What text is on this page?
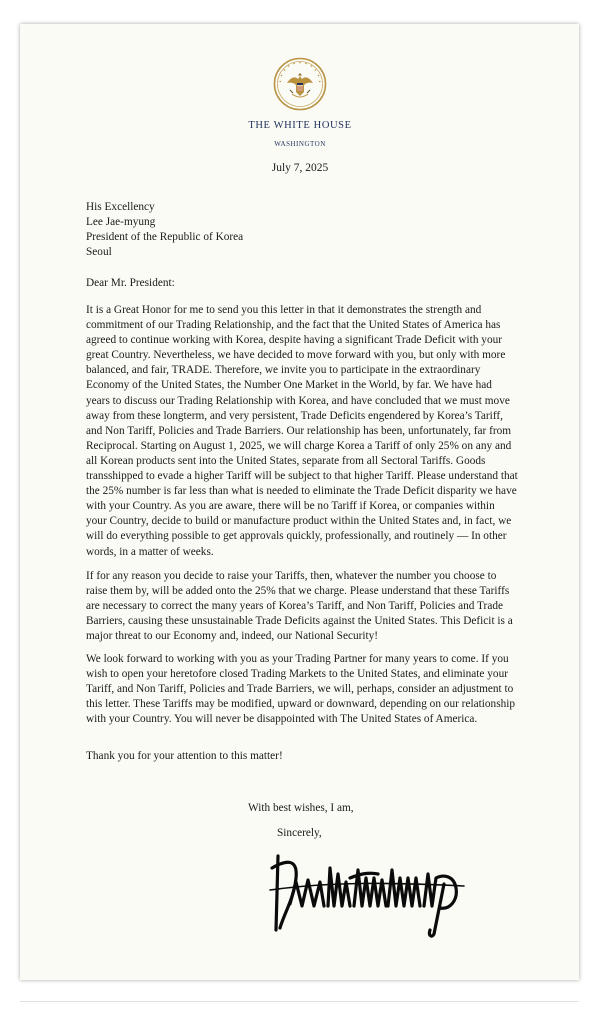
THE WHITE HOUSE
WASHINGTON
July 7, 2025
His Excellency
Lee Jae-myung
President of the Republic of Korea
Seoul
Dear Mr. President:
It is a Great Honor for me to send you this letter in that it demonstrates the strength and commitment of our Trading Relationship, and the fact that the United States of America has agreed to continue working with Korea, despite having a significant Trade Deficit with your great Country. Nevertheless, we have decided to move forward with you, but only with more balanced, and fair, TRADE. Therefore, we invite you to participate in the extraordinary Economy of the United States, the Number One Market in the World, by far. We have had years to discuss our Trading Relationship with Korea, and have concluded that we must move away from these longterm, and very persistent, Trade Deficits engendered by Korea’s Tariff, and Non Tariff, Policies and Trade Barriers. Our relationship has been, unfortunately, far from Reciprocal. Starting on August 1, 2025, we will charge Korea a Tariff of only 25% on any and all Korean products sent into the United States, separate from all Sectoral Tariffs. Goods transshipped to evade a higher Tariff will be subject to that higher Tariff. Please understand that the 25% number is far less than what is needed to eliminate the Trade Deficit disparity we have with your Country. As you are aware, there will be no Tariff if Korea, or companies within your Country, decide to build or manufacture product within the United States and, in fact, we will do everything possible to get approvals quickly, professionally, and routinely — In other words, in a matter of weeks.
If for any reason you decide to raise your Tariffs, then, whatever the number you choose to raise them by, will be added onto the 25% that we charge. Please understand that these Tariffs are necessary to correct the many years of Korea’s Tariff, and Non Tariff, Policies and Trade Barriers, causing these unsustainable Trade Deficits against the United States. This Deficit is a major threat to our Economy and, indeed, our National Security!
We look forward to working with you as your Trading Partner for many years to come. If you wish to open your heretofore closed Trading Markets to the United States, and eliminate your Tariff, and Non Tariff, Policies and Trade Barriers, we will, perhaps, consider an adjustment to this letter. These Tariffs may be modified, upward or downward, depending on our relationship with your Country. You will never be disappointed with The United States of America.
Thank you for your attention to this matter!
With best wishes, I am,
Sincerely,
